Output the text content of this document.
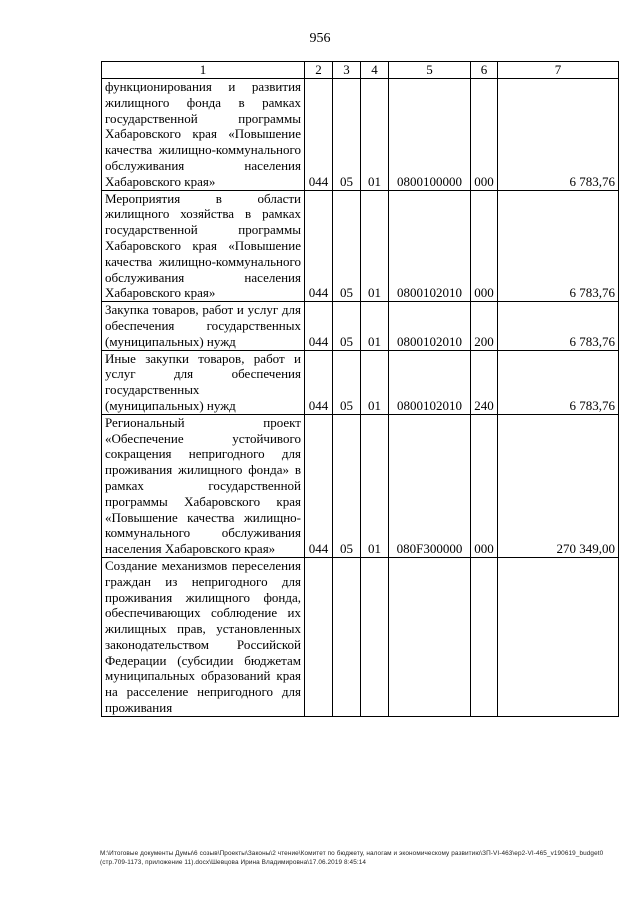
956
1	2	3	4	5	6	7
функционирования и развития жилищного фонда в рамках государственной программы Хабаровского края «Повышение качества жилищно-коммунального обслуживания населения Хабаровского края»	044	05	01	0800100000	000	6 783,76
Мероприятия в области жилищного хозяйства в рамках государственной программы Хабаровского края «Повышение качества жилищно-коммунального обслуживания населения Хабаровского края»	044	05	01	0800102010	000	6 783,76
Закупка товаров, работ и услуг для обеспечения государственных (муниципальных) нужд	044	05	01	0800102010	200	6 783,76
Иные закупки товаров, работ и услуг для обеспечения государственных (муниципальных) нужд	044	05	01	0800102010	240	6 783,76
Региональный проект «Обеспечение устойчивого сокращения непригодного для проживания жилищного фонда» в рамках государственной программы Хабаровского края «Повышение качества жилищно-коммунального обслуживания населения Хабаровского края»	044	05	01	080F300000	000	270 349,00
Создание механизмов переселения граждан из непригодного для проживания жилищного фонда, обеспечивающих соблюдение их жилищных прав, установленных законодательством Российской Федерации (субсидии бюджетам муниципальных образований края на расселение непригодного для проживания						
М:\Итоговые документы Думы\6 созыв\Проекты\Законы\2 чтение\Комитет по бюджету, налогам и экономическому развитию\ЗП-VI-463\ер2-VI-465_v190619_budget0 (стр.709-1173, приложение 11).docx\Шевцова Ирина Владимировна\17.06.2019 8:45:14
